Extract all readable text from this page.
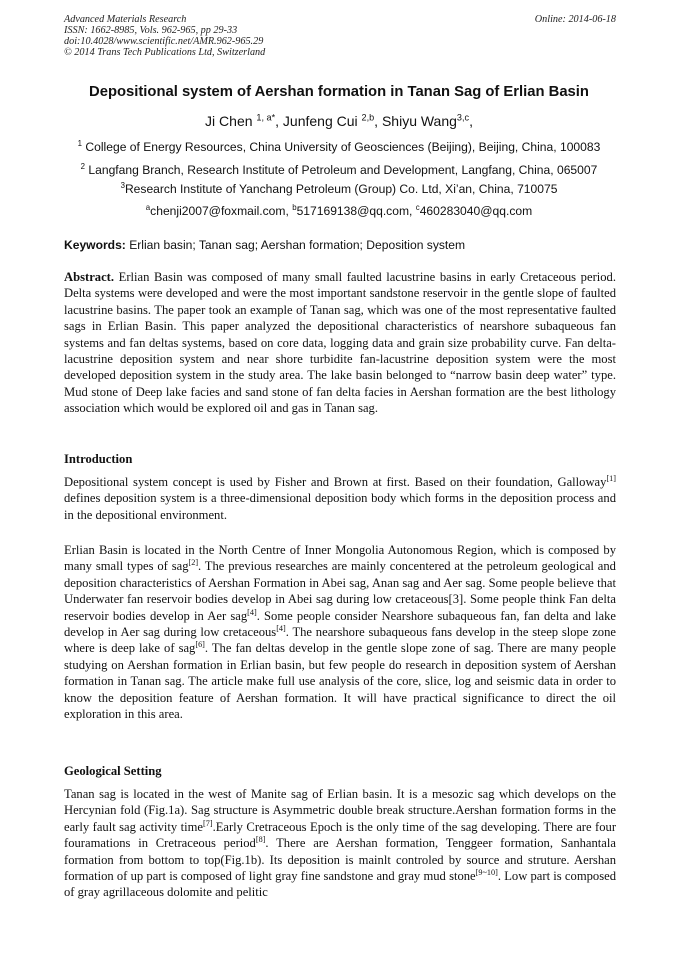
Advanced Materials Research
ISSN: 1662-8985, Vols. 962-965, pp 29-33
doi:10.4028/www.scientific.net/AMR.962-965.29
© 2014 Trans Tech Publications Ltd, Switzerland
Online: 2014-06-18
Depositional system of Aershan formation in Tanan Sag of Erlian Basin
Ji Chen $^{1, a*}$, Junfeng Cui $^{2,b}$, Shiyu Wang$^{3,c}$,
$^1$ College of Energy Resources, China University of Geosciences (Beijing), Beijing, China, 100083
$^2$ Langfang Branch, Research Institute of Petroleum and Development, Langfang, China, 065007
$^3$Research Institute of Yanchang Petroleum (Group) Co. Ltd, Xi’an, China, 710075
$^a$chenji2007@foxmail.com, $^b$517169138@qq.com, $^c$460283040@qq.com
Keywords: Erlian basin; Tanan sag; Aershan formation; Deposition system
Abstract. Erlian Basin was composed of many small faulted lacustrine basins in early Cretaceous period. Delta systems were developed and were the most important sandstone reservoir in the gentle slope of faulted lacustrine basins. The paper took an example of Tanan sag, which was one of the most representative faulted sags in Erlian Basin. This paper analyzed the depositional characteristics of nearshore subaqueous fan systems and fan deltas systems, based on core data, logging data and grain size probability curve. Fan delta-lacustrine deposition system and near shore turbidite fan-lacustrine deposition system were the most developed deposition system in the study area. The lake basin belonged to “narrow basin deep water” type. Mud stone of Deep lake facies and sand stone of fan delta facies in Aershan formation are the best lithology association which would be explored oil and gas in Tanan sag.
Introduction
Depositional system concept is used by Fisher and Brown at first. Based on their foundation, Galloway[1] defines deposition system is a three-dimensional deposition body which forms in the deposition process and in the depositional environment.
Erlian Basin is located in the North Centre of Inner Mongolia Autonomous Region, which is composed by many small types of sag[2]. The previous researches are mainly concentered at the petroleum geological and deposition characteristics of Aershan Formation in Abei sag, Anan sag and Aer sag. Some people believe that Underwater fan reservoir bodies develop in Abei sag during low cretaceous[3]. Some people think Fan delta reservoir bodies develop in Aer sag[4]. Some people consider Nearshore subaqueous fan, fan delta and lake develop in Aer sag during low cretaceous[4]. The nearshore subaqueous fans develop in the steep slope zone where is deep lake of sag[6]. The fan deltas develop in the gentle slope zone of sag. There are many people studying on Aershan formation in Erlian basin, but few people do research in deposition system of Aershan formation in Tanan sag. The article make full use analysis of the core, slice, log and seismic data in order to know the deposition feature of Aershan formation. It will have practical significance to direct the oil exploration in this area.
Geological Setting
Tanan sag is located in the west of Manite sag of Erlian basin. It is a mesozic sag which develops on the Hercynian fold (Fig.1a). Sag structure is Asymmetric double break structure.Aershan formation forms in the early fault sag activity time[7].Early Cretraceous Epoch is the only time of the sag developing. There are four fouramations in Cretraceous period[8]. There are Aershan formation, Tenggeer formation, Sanhantala formation from bottom to top(Fig.1b). Its deposition is mainlt controled by source and struture. Aershan formation of up part is composed of light gray fine sandstone and gray mud stone[9~10]. Low part is composed of gray agrillaceous dolomite and pelitic
